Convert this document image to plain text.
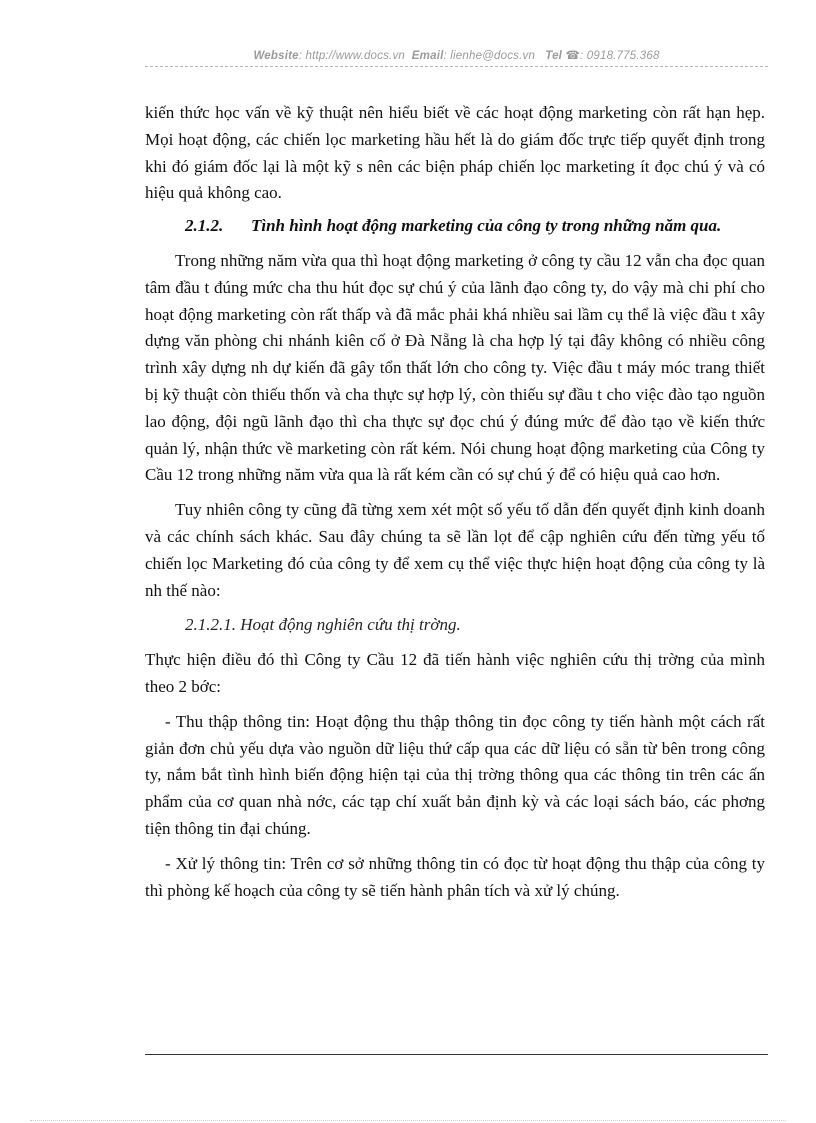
Website: http://www.docs.vn Email: lienhe@docs.vn Tel ☎: 0918.775.368

kiến thức học vấn về kỹ thuật nên hiểu biết về các hoạt động marketing còn rất hạn hẹp. Mọi hoạt động, các chiến lọc marketing hầu hết là do giám đốc trực tiếp quyết định trong khi đó giám đốc lại là một kỹ s nên các biện pháp chiến lọc marketing ít đọc chú ý và có hiệu quả không cao.

2.1.2. Tình hình hoạt động marketing của công ty trong những năm qua.

Trong những năm vừa qua thì hoạt động marketing ở công ty cầu 12 vẫn cha đọc quan tâm đầu t đúng mức cha thu hút đọc sự chú ý của lãnh đạo công ty, do vậy mà chi phí cho hoạt động marketing còn rất thấp và đã mắc phải khá nhiều sai lầm cụ thể là việc đầu t xây dựng văn phòng chi nhánh kiên cố ở Đà Nẵng là cha hợp lý tại đây không có nhiều công trình xây dựng nh dự kiến đã gây tổn thất lớn cho công ty. Việc đầu t máy móc trang thiết bị kỹ thuật còn thiếu thốn và cha thực sự hợp lý, còn thiếu sự đầu t cho việc đào tạo nguồn lao động, đội ngũ lãnh đạo thì cha thực sự đọc chú ý đúng mức để đào tạo về kiến thức quản lý, nhận thức về marketing còn rất kém. Nói chung hoạt động marketing của Công ty Cầu 12 trong những năm vừa qua là rất kém cần có sự chú ý để có hiệu quả cao hơn.

Tuy nhiên công ty cũng đã từng xem xét một số yếu tố dẫn đến quyết định kinh doanh và các chính sách khác. Sau đây chúng ta sẽ lần lọt để cập nghiên cứu đến từng yếu tố chiến lọc Marketing đó của công ty để xem cụ thể việc thực hiện hoạt động của công ty là nh thế nào:

2.1.2.1. Hoạt động nghiên cứu thị trờng.

Thực hiện điều đó thì Công ty Cầu 12 đã tiến hành việc nghiên cứu thị trờng của mình theo 2 bớc:

- Thu thập thông tin: Hoạt động thu thập thông tin đọc công ty tiến hành một cách rất giản đơn chủ yếu dựa vào nguồn dữ liệu thứ cấp qua các dữ liệu có sẵn từ bên trong công ty, nắm bắt tình hình biến động hiện tại của thị trờng thông qua các thông tin trên các ấn phẩm của cơ quan nhà nớc, các tạp chí xuất bản định kỳ và các loại sách báo, các phơng tiện thông tin đại chúng.

- Xử lý thông tin: Trên cơ sở những thông tin có đọc từ hoạt động thu thập của công ty thì phòng kế hoạch của công ty sẽ tiến hành phân tích và xử lý chúng.
